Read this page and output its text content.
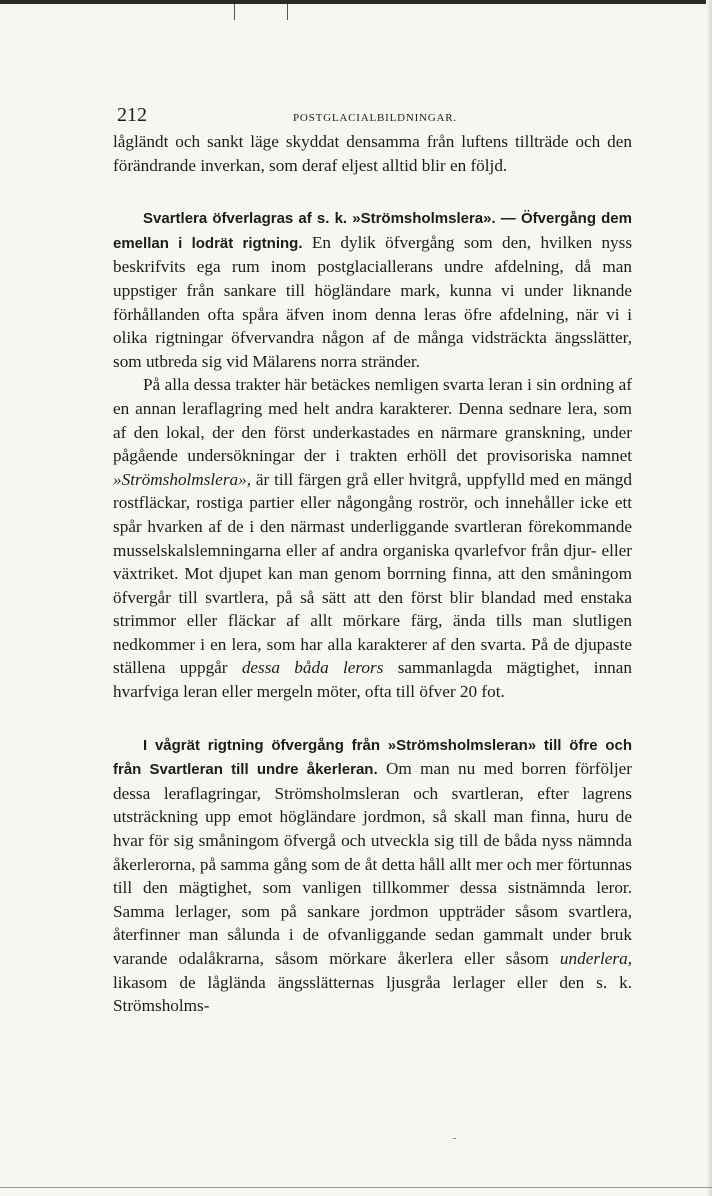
212	POSTGLACIALBILDNINGAR.

lågländt och sankt läge skyddat densamma från luftens tillträde och den förändrande inverkan, som deraf eljest alltid blir en följd.

Svartlera öfverlagras af s. k. »Strömsholmslera». — Öfvergång dem emellan i lodrät rigtning. En dylik öfvergång som den, hvilken nyss beskrifvits ega rum inom postglaciallerans undre afdelning, då man uppstiger från sankare till högländare mark, kunna vi under liknande förhållanden ofta spåra äfven inom denna leras öfre afdelning, när vi i olika rigtningar öfvervandra någon af de många vidsträckta ängsslätter, som utbreda sig vid Mälarens norra stränder.

På alla dessa trakter här betäckes nemligen svarta leran i sin ordning af en annan leraflagring med helt andra karakterer. Denna sednare lera, som af den lokal, der den först underkastades en närmare granskning, under pågående undersökningar der i trakten erhöll det provisoriska namnet »Strömsholmslera», är till färgen grå eller hvitgrå, uppfylld med en mängd rostfläckar, rostiga partier eller någongång roströr, och innehåller icke ett spår hvarken af de i den närmast underliggande svartleran förekommande musselskalslemningarna eller af andra organiska qvarlefvor från djur- eller växtriket. Mot djupet kan man genom borrning finna, att den småningom öfvergår till svartlera, på så sätt att den först blir blandad med enstaka strimmor eller fläckar af allt mörkare färg, ända tills man slutligen nedkommer i en lera, som har alla karakterer af den svarta. På de djupaste ställena uppgår dessa båda lerors sammanlagda mägtighet, innan hvarfviga leran eller mergeln möter, ofta till öfver 20 fot.

I vågrät rigtning öfvergång från »Strömsholmsleran» till öfre och från Svartleran till undre åkerleran. Om man nu med borren förföljer dessa leraflagringar, Strömsholmsleran och svartleran, efter lagrens utsträckning upp emot högländare jordmon, så skall man finna, huru de hvar för sig småningom öfvergå och utveckla sig till de båda nyss nämnda åkerlerorna, på samma gång som de åt detta håll allt mer och mer förtunnas till den mägtighet, som vanligen tillkommer dessa sistnämnda leror. Samma lerlager, som på sankare jordmon uppträder såsom svartlera, återfinner man sålunda i de ofvanliggande sedan gammalt under bruk varande odalåkrarna, såsom mörkare åkerlera eller såsom underlera, likasom de låglända ängsslätternas ljusgråa lerlager eller den s. k. Strömsholms-
